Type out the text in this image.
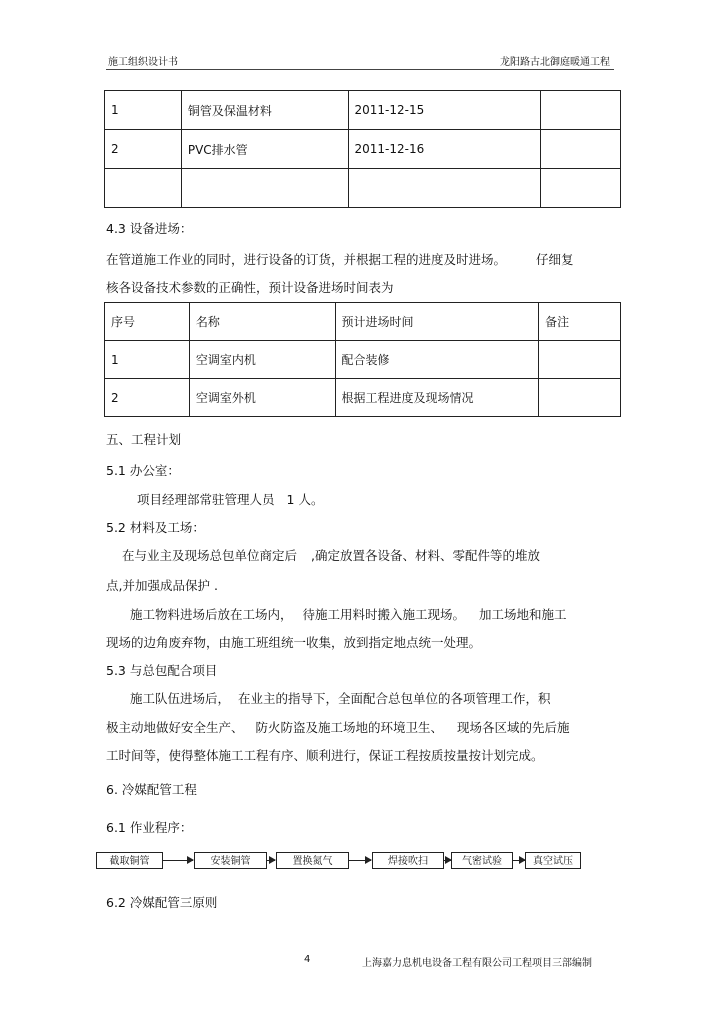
施工组织设计书	龙阳路古北御庭暖通工程
1	铜管及保温材料	2011-12-15	
2	PVC排水管	2011-12-16	

4.3 设备进场：
在管道施工作业的同时，进行设备的订货，并根据工程的进度及时进场。 仔细复
核各设备技术参数的正确性，预计设备进场时间表为
序号	名称	预计进场时间	备注
1	空调室内机	配合装修	
2	空调室外机	根据工程进度及现场情况	
五、工程计划
5.1 办公室：
项目经理部常驻管理人员 1 人。
5.2 材料及工场：
在与业主及现场总包单位商定后 ,确定放置各设备、材料、零配件等的堆放
点,并加强成品保护 .
施工物料进场后放在工场内， 待施工用料时搬入施工现场。 加工场地和施工
现场的边角废弃物，由施工班组统一收集，放到指定地点统一处理。
5.3 与总包配合项目
施工队伍进场后， 在业主的指导下，全面配合总包单位的各项管理工作，积
极主动地做好安全生产、 防火防盗及施工场地的环境卫生、 现场各区域的先后施
工时间等，使得整体施工工程有序、顺利进行，保证工程按质按量按计划完成。
6. 冷媒配管工程
6.1 作业程序：
截取铜管	安装铜管	置换氮气	焊接吹扫	气密试验	真空试压
6.2 冷媒配管三原则
4	上海嘉力息机电设备工程有限公司工程项目三部编制
